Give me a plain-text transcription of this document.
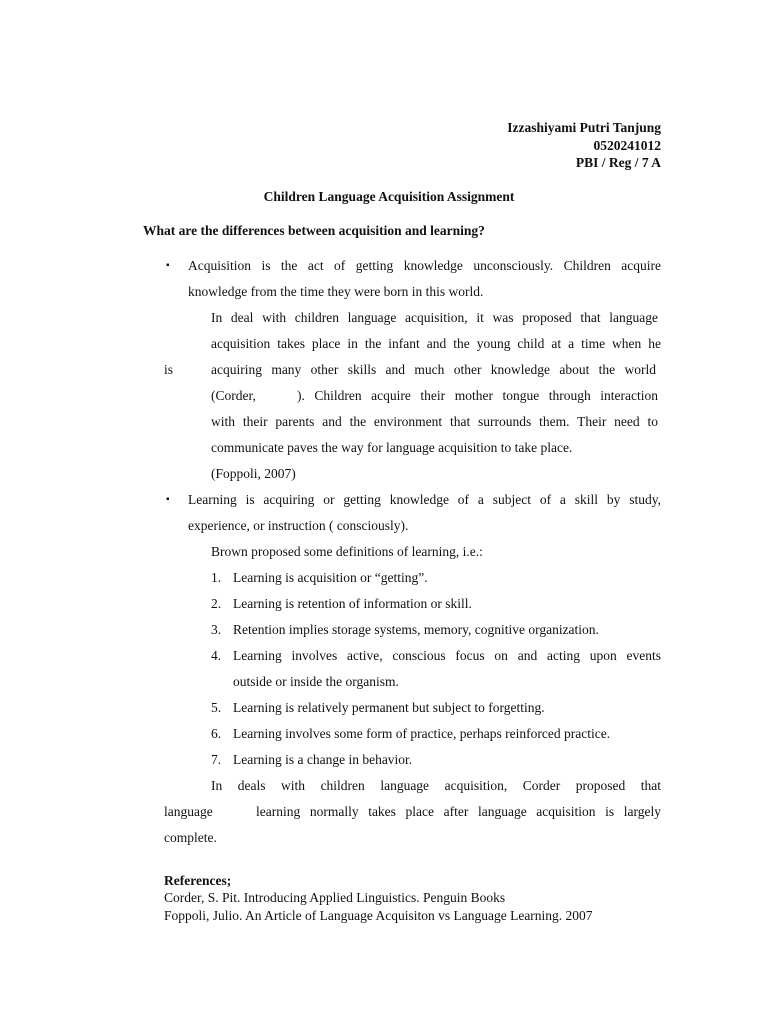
Izzashiyami Putri Tanjung
0520241012
PBI / Reg / 7 A
Children Language Acquisition Assignment
What are the differences between acquisition and learning?
▪ Acquisition is the act of getting knowledge unconsciously. Children acquire
knowledge from the time they were born in this world.
In deal with children language acquisition, it was proposed that language
acquisition takes place in the infant and the young child at a time when he
is	acquiring many other skills and much other knowledge about the world
(Corder,	). Children acquire their mother tongue through interaction
with their parents and the environment that surrounds them. Their need to
communicate paves the way for language acquisition to take place.
(Foppoli, 2007)
▪ Learning is acquiring or getting knowledge of a subject of a skill by study,
experience, or instruction ( consciously).
Brown proposed some definitions of learning, i.e.:
1. Learning is acquisition or “getting”.
2. Learning is retention of information or skill.
3. Retention implies storage systems, memory, cognitive organization.
4. Learning involves active, conscious focus on and acting upon events
outside or inside the organism.
5. Learning is relatively permanent but subject to forgetting.
6. Learning involves some form of practice, perhaps reinforced practice.
7. Learning is a change in behavior.
In deals with children language acquisition, Corder proposed that
language	learning normally takes place after language acquisition is largely
complete.
References;
Corder, S. Pit. Introducing Applied Linguistics. Penguin Books
Foppoli, Julio. An Article of Language Acquisiton vs Language Learning. 2007
